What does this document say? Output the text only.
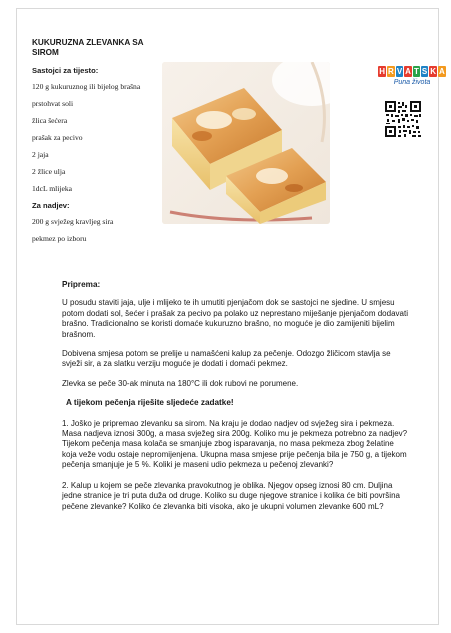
KUKURUZNA ZLEVANKA SA SIROM
Sastojci za tijesto:
120 g kukuruznog ili bijelog brašna
prstohvat soli
žlica šećera
prašak za pecivo
2 jaja
2 žlice ulja
1dcL mlijeka
Za nadjev:
200 g svježeg kravljeg sira
pekmez po izboru
H R V A T S K A
Puna života
Priprema:

U posudu staviti jaja, ulje i mlijeko te ih umutiti pjenjačom dok se sastojci ne sjedine. U smjesu potom dodati sol, šećer i prašak za pecivo pa polako uz neprestano miješanje pjenjačom dodavati brašno. Tradicionalno se koristi domaće kukuruzno brašno, no moguće je dio zamijeniti bijelim brašnom.

Dobivena smjesa potom se prelije u namašćeni kalup za pečenje. Odozgo žličicom stavlja se svježi sir, a za slatku verziju moguće je dodati i domaći pekmez.

Zlevka se peče 30-ak minuta na 180°C ili dok rubovi ne porumene.

A tijekom pečenja riješite sljedeće zadatke!
1. Joško je pripremao zlevanku sa sirom. Na kraju je dodao nadjev od svježeg sira i pekmeza. Masa nadjeva iznosi 300g, a masa svježeg sira 200g. Koliko mu je pekmeza potrebno za nadjev? Tijekom pečenja masa kolača se smanjuje zbog isparavanja, no masa pekmeza zbog želatine koja veže vodu ostaje nepromijenjena. Ukupna masa smjese prije pečenja bila je 750 g, a tijekom pečenja smanjuje je 5 %. Koliki je maseni udio pekmeza u pečenoj zlevanki?
2. Kalup u kojem se peče zlevanka pravokutnog je oblika. Njegov opseg iznosi 80 cm. Duljina jedne stranice je tri puta duža od druge. Koliko su duge njegove stranice i kolika će biti površina pečene zlevanke? Koliko će zlevanka biti visoka, ako je ukupni volumen zlevanke 600 mL?
